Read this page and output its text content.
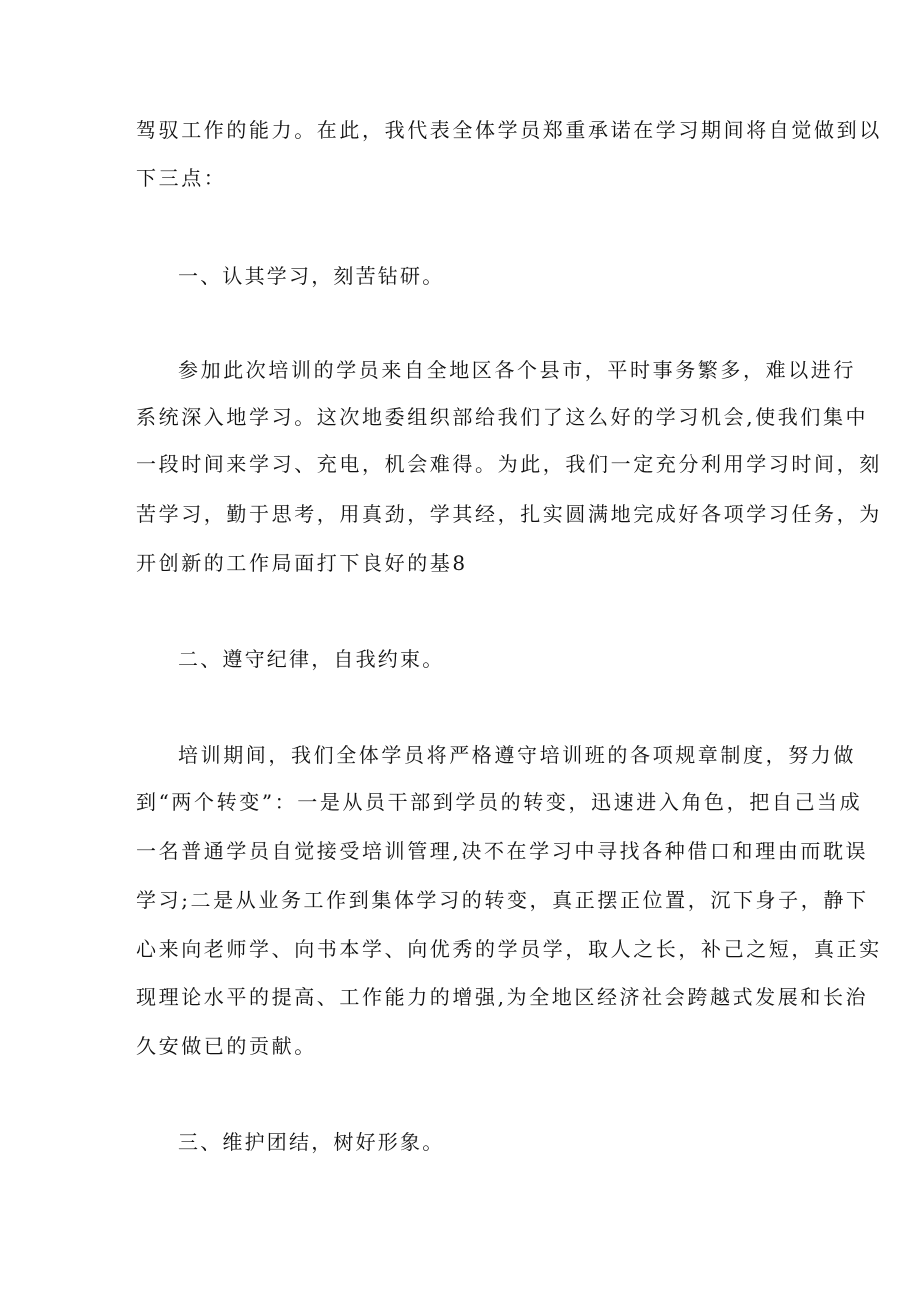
驾驭工作的能力。在此，我代表全体学员郑重承诺在学习期间将自觉做到以
下三点：
一、认其学习，刻苦钻研。
参加此次培训的学员来自全地区各个县市，平时事务繁多，难以进行
系统深入地学习。这次地委组织部给我们了这么好的学习机会,使我们集中
一段时间来学习、充电，机会难得。为此，我们一定充分利用学习时间，刻
苦学习，勤于思考，用真劲，学其经，扎实圆满地完成好各项学习任务，为
开创新的工作局面打下良好的基8
二、遵守纪律，自我约束。
培训期间，我们全体学员将严格遵守培训班的各项规章制度，努力做
到“两个转变”：一是从员干部到学员的转变，迅速进入角色，把自己当成
一名普通学员自觉接受培训管理,决不在学习中寻找各种借口和理由而耽误
学习;二是从业务工作到集体学习的转变，真正摆正位置，沉下身子，静下
心来向老师学、向书本学、向优秀的学员学，取人之长，补己之短，真正实
现理论水平的提高、工作能力的增强,为全地区经济社会跨越式发展和长治
久安做已的贡献。
三、维护团结，树好形象。
